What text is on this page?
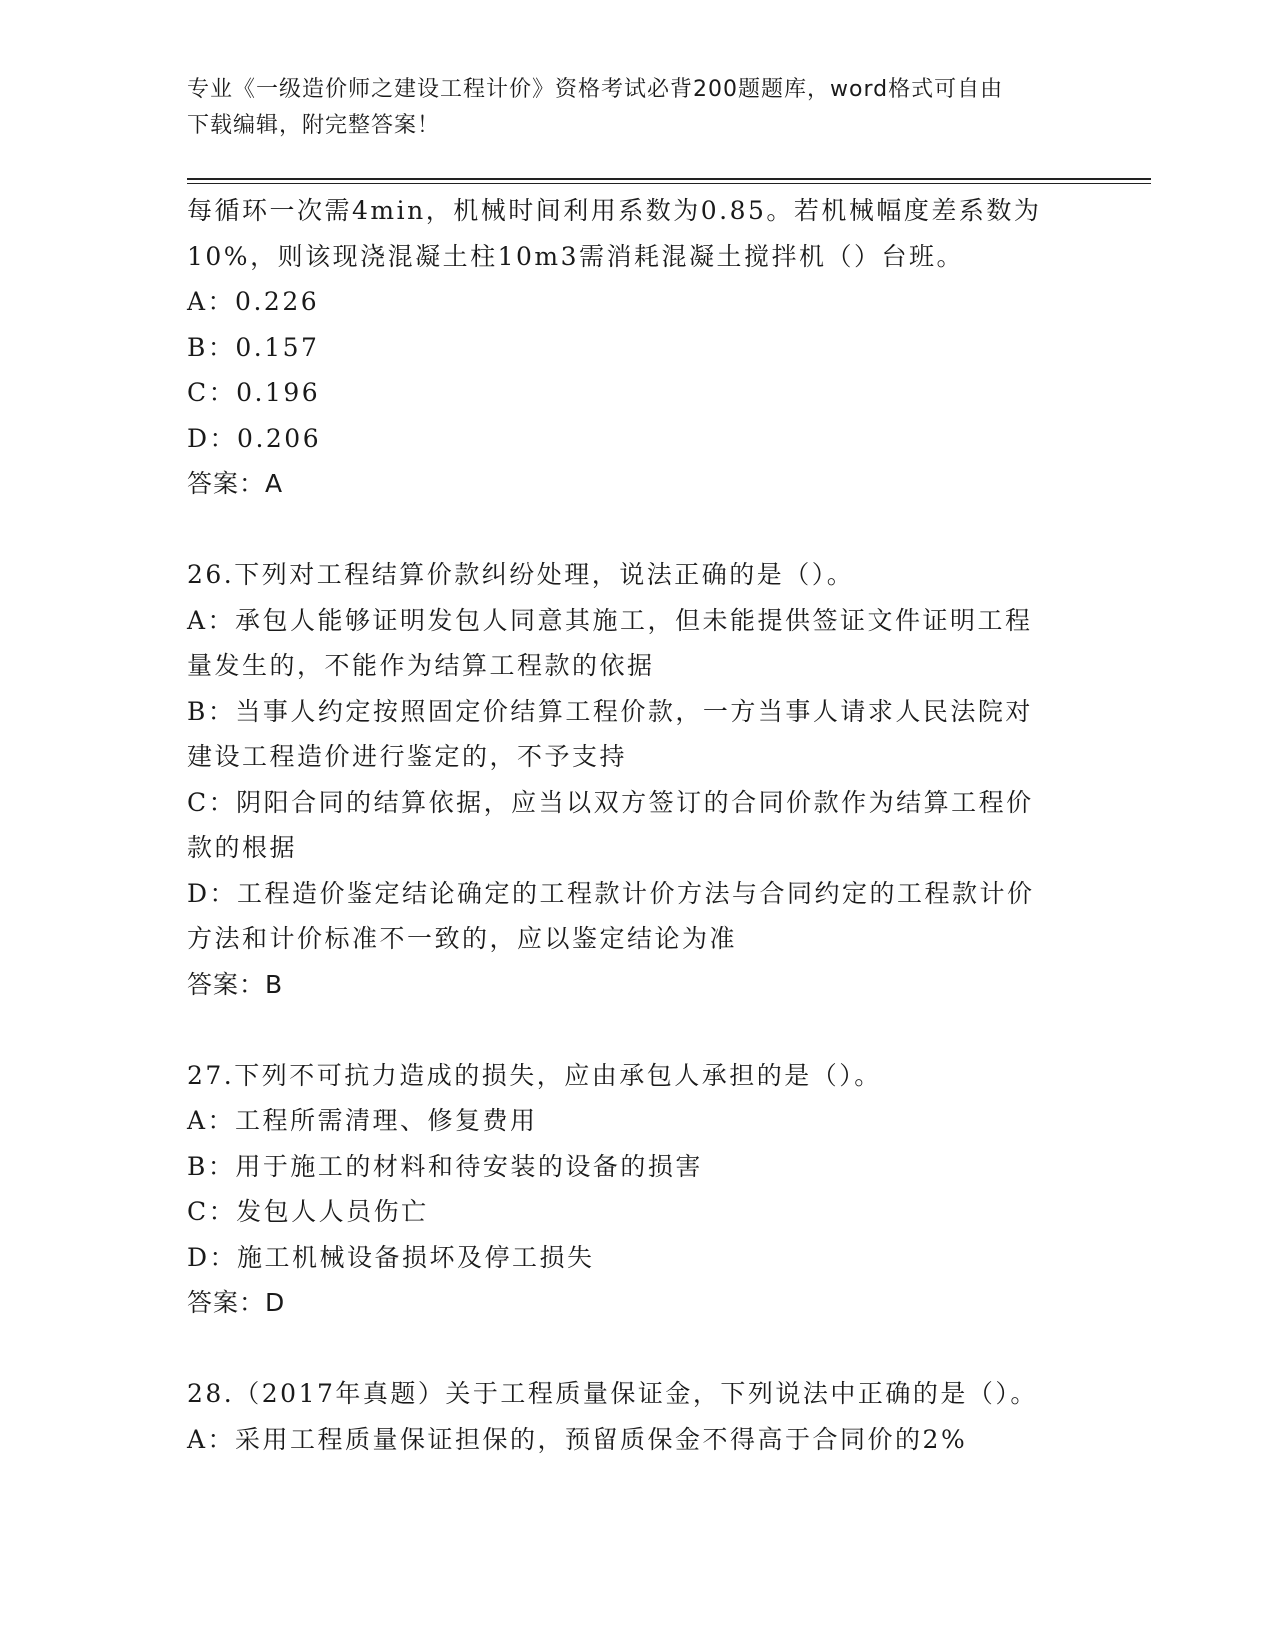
专业《一级造价师之建设工程计价》资格考试必背200题题库，word格式可自由
下载编辑，附完整答案！
每循环一次需4min，机械时间利用系数为0.85。若机械幅度差系数为
10%，则该现浇混凝土柱10m3需消耗混凝土搅拌机（）台班。
A：0.226
B：0.157
C：0.196
D：0.206
答案：A
26.下列对工程结算价款纠纷处理，说法正确的是（）。
A：承包人能够证明发包人同意其施工，但未能提供签证文件证明工程
量发生的，不能作为结算工程款的依据
B：当事人约定按照固定价结算工程价款，一方当事人请求人民法院对
建设工程造价进行鉴定的，不予支持
C：阴阳合同的结算依据，应当以双方签订的合同价款作为结算工程价
款的根据
D：工程造价鉴定结论确定的工程款计价方法与合同约定的工程款计价
方法和计价标准不一致的，应以鉴定结论为准
答案：B
27.下列不可抗力造成的损失，应由承包人承担的是（）。
A：工程所需清理、修复费用
B：用于施工的材料和待安装的设备的损害
C：发包人人员伤亡
D：施工机械设备损坏及停工损失
答案：D
28.（2017年真题）关于工程质量保证金，下列说法中正确的是（）。
A：采用工程质量保证担保的，预留质保金不得高于合同价的2%
